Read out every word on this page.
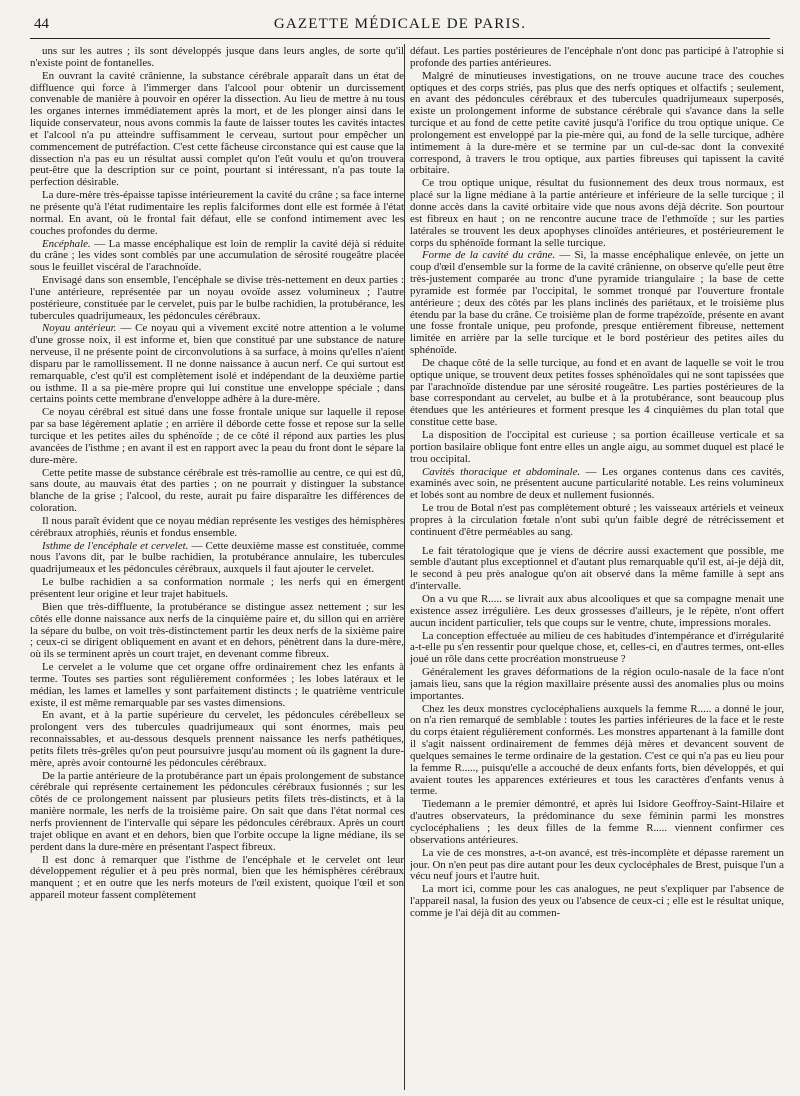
44	GAZETTE MÉDICALE DE PARIS.

uns sur les autres ; ils sont développés jusque dans leurs angles, de sorte qu'il n'existe point de fontanelles.

En ouvrant la cavité crânienne, la substance cérébrale apparaît dans un état de diffluence qui force à l'immerger dans l'alcool pour obtenir un durcissement convenable de manière à pouvoir en opérer la dissection. Au lieu de mettre à nu tous les organes internes immédiatement après la mort, et de les plonger ainsi dans le liquide conservateur, nous avons commis la faute de laisser toutes les cavités intactes et l'alcool n'a pu atteindre suffisamment le cerveau, surtout pour empêcher un commencement de putréfaction. C'est cette fâcheuse circonstance qui est cause que la dissection n'a pas eu un résultat aussi complet qu'on l'eût voulu et qu'on trouvera peut-être que la description sur ce point, pourtant si intéressant, n'a pas toute la perfection désirable.

La dure-mère très-épaisse tapisse intérieurement la cavité du crâne ; sa face interne ne présente qu'à l'état rudimentaire les replis falciformes dont elle est formée à l'état normal. En avant, où le frontal fait défaut, elle se confond intimement avec les couches profondes du derme.

Encéphale. — La masse encéphalique est loin de remplir la cavité déjà si réduite du crâne ; les vides sont comblés par une accumulation de sérosité rougeâtre placée sous le feuillet viscéral de l'arachnoïde.

Envisagé dans son ensemble, l'encéphale se divise très-nettement en deux parties : l'une antérieure, représentée par un noyau ovoïde assez volumineux ; l'autre postérieure, constituée par le cervelet, puis par le bulbe rachidien, la protubérance, les tubercules quadrijumeaux, les pédoncules cérébraux.

Noyau antérieur. — Ce noyau qui a vivement excité notre attention a le volume d'une grosse noix, il est informe et, bien que constitué par une substance de nature nerveuse, il ne présente point de circonvolutions à sa surface, à moins qu'elles n'aient disparu par le ramollissement. Il ne donne naissance à aucun nerf. Ce qui surtout est remarquable, c'est qu'il est complètement isolé et indépendant de la deuxième partie ou isthme. Il a sa pie-mère propre qui lui constitue une enveloppe spéciale ; dans certains points cette membrane d'enveloppe adhère à la dure-mère.

Ce noyau cérébral est situé dans une fosse frontale unique sur laquelle il repose par sa base légèrement aplatie ; en arrière il déborde cette fosse et repose sur la selle turcique et les petites ailes du sphénoïde ; de ce côté il répond aux parties les plus avancées de l'isthme ; en avant il est en rapport avec la peau du front dont le sépare la dure-mère.

Cette petite masse de substance cérébrale est très-ramollie au centre, ce qui est dû, sans doute, au mauvais état des parties ; on ne pourrait y distinguer la substance blanche de la grise ; l'alcool, du reste, aurait pu faire disparaître les différences de coloration.

Il nous paraît évident que ce noyau médian représente les vestiges des hémisphères cérébraux atrophiés, réunis et fondus ensemble.

Isthme de l'encéphale et cervelet. — Cette deuxième masse est constituée, comme nous l'avons dit, par le bulbe rachidien, la protubérance annulaire, les tubercules quadrijumeaux et les pédoncules cérébraux, auxquels il faut ajouter le cervelet.

Le bulbe rachidien a sa conformation normale ; les nerfs qui en émergent présentent leur origine et leur trajet habituels.

Bien que très-diffluente, la protubérance se distingue assez nettement ; sur les côtés elle donne naissance aux nerfs de la cinquième paire et, du sillon qui en arrière la sépare du bulbe, on voit très-distinctement partir les deux nerfs de la sixième paire ; ceux-ci se dirigent obliquement en avant et en dehors, pénètrent dans la dure-mère, où ils se terminent après un court trajet, en devenant comme fibreux.

Le cervelet a le volume que cet organe offre ordinairement chez les enfants à terme. Toutes ses parties sont régulièrement conformées ; les lobes latéraux et le médian, les lames et lamelles y sont parfaitement distincts ; le quatrième ventricule existe, il est même remarquable par ses vastes dimensions.

En avant, et à la partie supérieure du cervelet, les pédoncules cérébelleux se prolongent vers des tubercules quadrijumeaux qui sont énormes, mais peu reconnaissables, et au-dessous desquels prennent naissance les nerfs pathétiques, petits filets très-grêles qu'on peut poursuivre jusqu'au moment où ils gagnent la dure-mère, après avoir contourné les pédoncules cérébraux.

De la partie antérieure de la protubérance part un épais prolongement de substance cérébrale qui représente certainement les pédoncules cérébraux fusionnés ; sur les côtés de ce prolongement naissent par plusieurs petits filets très-distincts, et à la manière normale, les nerfs de la troisième paire. On sait que dans l'état normal ces nerfs proviennent de l'intervalle qui sépare les pédoncules cérébraux. Après un court trajet oblique en avant et en dehors, bien que l'orbite occupe la ligne médiane, ils se perdent dans la dure-mère en présentant l'aspect fibreux.

Il est donc à remarquer que l'isthme de l'encéphale et le cervelet ont leur développement régulier et à peu près normal, bien que les hémisphères cérébraux manquent ; et en outre que les nerfs moteurs de l'œil existent, quoique l'œil et son appareil moteur fassent complètement

défaut. Les parties postérieures de l'encéphale n'ont donc pas participé à l'atrophie si profonde des parties antérieures.

Malgré de minutieuses investigations, on ne trouve aucune trace des couches optiques et des corps striés, pas plus que des nerfs optiques et olfactifs ; seulement, en avant des pédoncules cérébraux et des tubercules quadrijumeaux superposés, existe un prolongement informe de substance cérébrale qui s'avance dans la selle turcique et au fond de cette petite cavité jusqu'à l'orifice du trou optique unique. Ce prolongement est enveloppé par la pie-mère qui, au fond de la selle turcique, adhère intimement à la dure-mère et se termine par un cul-de-sac dont la convexité correspond, à travers le trou optique, aux parties fibreuses qui tapissent la cavité orbitaire.

Ce trou optique unique, résultat du fusionnement des deux trous normaux, est placé sur la ligne médiane à la partie antérieure et inférieure de la selle turcique ; il donne accès dans la cavité orbitaire vide que nous avons déjà décrite. Son pourtour est fibreux en haut ; on ne rencontre aucune trace de l'ethmoïde ; sur les parties latérales se trouvent les deux apophyses clinoïdes antérieures, et postérieurement le corps du sphénoïde formant la selle turcique.

Forme de la cavité du crâne. — Si, la masse encéphalique enlevée, on jette un coup d'œil d'ensemble sur la forme de la cavité crânienne, on observe qu'elle peut être très-justement comparée au tronc d'une pyramide triangulaire ; la base de cette pyramide est formée par l'occipital, le sommet tronqué par l'ouverture frontale antérieure ; deux des côtés par les plans inclinés des pariétaux, et le troisième plus étendu par la base du crâne. Ce troisième plan de forme trapézoïde, présente en avant une fosse frontale unique, peu profonde, presque entièrement fibreuse, nettement limitée en arrière par la selle turcique et le bord postérieur des petites ailes du sphénoïde.

De chaque côté de la selle turcique, au fond et en avant de laquelle se voit le trou optique unique, se trouvent deux petites fosses sphénoïdales qui ne sont tapissées que par l'arachnoïde distendue par une sérosité rougeâtre. Les parties postérieures de la base correspondant au cervelet, au bulbe et à la protubérance, sont beaucoup plus étendues que les antérieures et forment presque les 4 cinquièmes du plan total que constitue cette base.

La disposition de l'occipital est curieuse ; sa portion écailleuse verticale et sa portion basilaire oblique font entre elles un angle aigu, au sommet duquel est placé le trou occipital.

Cavités thoracique et abdominale. — Les organes contenus dans ces cavités, examinés avec soin, ne présentent aucune particularité notable. Les reins volumineux et lobés sont au nombre de deux et nullement fusionnés.

Le trou de Botal n'est pas complètement obturé ; les vaisseaux artériels et veineux propres à la circulation fœtale n'ont subi qu'un faible degré de rétrécissement et continuent d'être perméables au sang.

Le fait tératologique que je viens de décrire aussi exactement que possible, me semble d'autant plus exceptionnel et d'autant plus remarquable qu'il est, ai-je déjà dit, le second à peu près analogue qu'on ait observé dans la même famille à sept ans d'intervalle.

On a vu que R..... se livrait aux abus alcooliques et que sa compagne menait une existence assez irrégulière. Les deux grossesses d'ailleurs, je le répète, n'ont offert aucun incident particulier, tels que coups sur le ventre, chute, impressions morales.

La conception effectuée au milieu de ces habitudes d'intempérance et d'irrégularité a-t-elle pu s'en ressentir pour quelque chose, et, celles-ci, en d'autres termes, ont-elles joué un rôle dans cette procréation monstrueuse ?

Généralement les graves déformations de la région oculo-nasale de la face n'ont jamais lieu, sans que la région maxillaire présente aussi des anomalies plus ou moins importantes.

Chez les deux monstres cyclocéphaliens auxquels la femme R..... a donné le jour, on n'a rien remarqué de semblable : toutes les parties inférieures de la face et le reste du corps étaient régulièrement conformés. Les monstres appartenant à la famille dont il s'agit naissent ordinairement de femmes déjà mères et devancent souvent de quelques semaines le terme ordinaire de la gestation. C'est ce qui n'a pas eu lieu pour la femme R....., puisqu'elle a accouché de deux enfants forts, bien développés, et qui avaient toutes les apparences extérieures et tous les caractères d'enfants venus à terme.

Tiedemann a le premier démontré, et après lui Isidore Geoffroy-Saint-Hilaire et d'autres observateurs, la prédominance du sexe féminin parmi les monstres cyclocéphaliens ; les deux filles de la femme R..... viennent confirmer ces observations antérieures.

La vie de ces monstres, a-t-on avancé, est très-incomplète et dépasse rarement un jour. On n'en peut pas dire autant pour les deux cyclocéphales de Brest, puisque l'un a vécu neuf jours et l'autre huit.

La mort ici, comme pour les cas analogues, ne peut s'expliquer par l'absence de l'appareil nasal, la fusion des yeux ou l'absence de ceux-ci ; elle est le résultat unique, comme je l'ai déjà dit au commen-
